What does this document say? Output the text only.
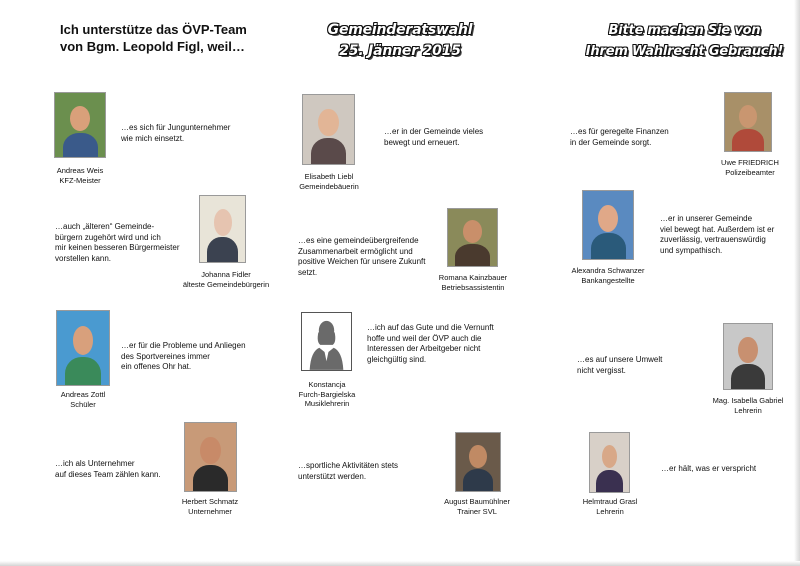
Ich unterstütze das ÖVP-Team
von Bgm. Leopold Figl, weil…
Gemeinderatswahl
25. Jänner 2015
Bitte machen Sie von
Ihrem Wahlrecht Gebrauch!
Andreas Weis
KFZ-Meister
…es sich für Jungunternehmer
wie mich einsetzt.
Elisabeth Liebl
Gemeindebäuerin
…er in der Gemeinde vieles
bewegt und erneuert.
…es für geregelte Finanzen
in der Gemeinde sorgt.
Uwe FRIEDRICH
Polizeibeamter
…auch „älteren“ Gemeinde-
bürgern zugehört wird und ich
mir keinen besseren Bürgermeister
vorstellen kann.
Johanna Fidler
älteste Gemeindebürgerin
…es eine gemeindeübergreifende
Zusammenarbeit ermöglicht und
positive Weichen für unsere Zukunft
setzt.
Romana Kainzbauer
Betriebsassistentin
Alexandra Schwanzer
Bankangestellte
…er in unserer Gemeinde
viel bewegt hat. Außerdem ist er
zuverlässig, vertrauenswürdig
und sympathisch.
Andreas Zottl
Schüler
…er für die Probleme und Anliegen
des Sportvereines immer
ein offenes Ohr hat.
Konstancja
Furch-Bargielska
Musiklehrerin
…ich auf das Gute und die Vernunft
hoffe und weil der ÖVP auch die
Interessen der Arbeitgeber nicht
gleichgültig sind.	…es auf unsere Umwelt
nicht vergisst.
Mag. Isabella Gabriel
Lehrerin
…ich als Unternehmer
auf dieses Team zählen kann.
Herbert Schmatz
Unternehmer
…sportliche Aktivitäten stets
unterstützt werden.
August Baumühlner
Trainer SVL
Helmtraud Grasl
Lehrerin
…er hält, was er verspricht
